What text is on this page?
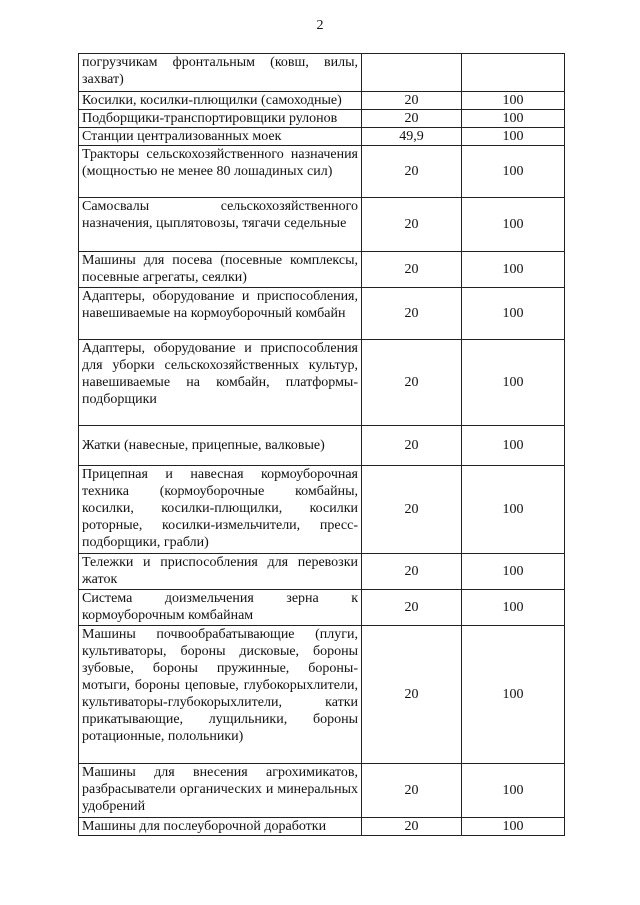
2
погрузчикам фронтальным (ковш, вилы, захват)		
Косилки, косилки-плющилки (самоходные)	20	100
Подборщики-транспортировщики рулонов	20	100
Станции централизованных моек	49,9	100
Тракторы сельскохозяйственного назначения (мощностью не менее 80 лошадиных сил)	20	100
Самосвалы сельскохозяйственного назначения, цыплятовозы, тягачи седельные	20	100
Машины для посева (посевные комплексы, посевные агрегаты, сеялки)	20	100
Адаптеры, оборудование и приспособления, навешиваемые на кормоуборочный комбайн	20	100
Адаптеры, оборудование и приспособления для уборки сельскохозяйственных культур, навешиваемые на комбайн, платформы-подборщики	20	100
Жатки (навесные, прицепные, валковые)	20	100
Прицепная и навесная кормоуборочная техника (кормоуборочные комбайны, косилки, косилки-плющилки, косилки роторные, косилки-измельчители, пресс-подборщики, грабли)	20	100
Тележки и приспособления для перевозки жаток	20	100
Система доизмельчения зерна к кормоуборочным комбайнам	20	100
Машины почвообрабатывающие (плуги, культиваторы, бороны дисковые, бороны зубовые, бороны пружинные, бороны-мотыги, бороны цеповые, глубокорыхлители, культиваторы-глубокорыхлители, катки прикатывающие, лущильники, бороны ротационные, полольники)	20	100
Машины для внесения агрохимикатов, разбрасыватели органических и минеральных удобрений	20	100
Машины для послеуборочной доработки	20	100
